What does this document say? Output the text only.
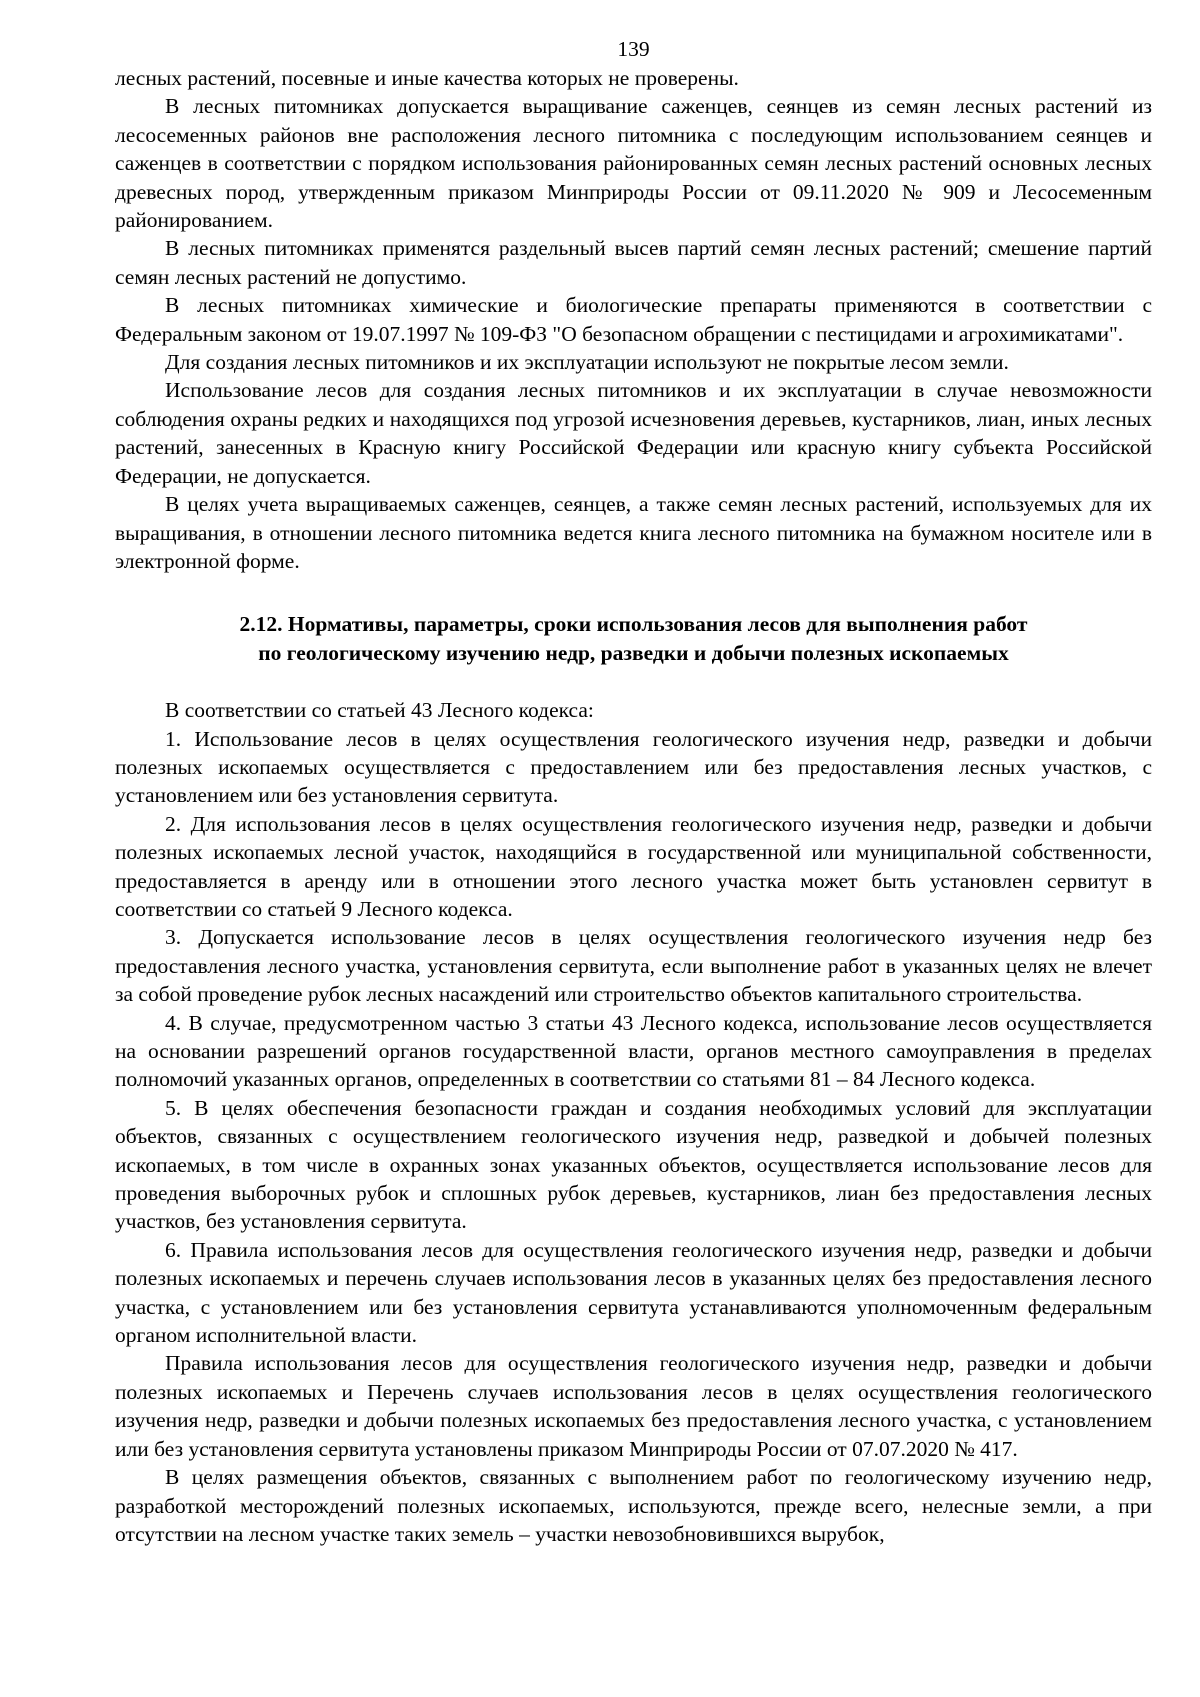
139

лесных растений, посевные и иные качества которых не проверены.

В лесных питомниках допускается выращивание саженцев, сеянцев из семян лесных растений из лесосеменных районов вне расположения лесного питомника с последующим использованием сеянцев и саженцев в соответствии с порядком использования районированных семян лесных растений основных лесных древесных пород, утвержденным приказом Минприроды России от 09.11.2020 № 909 и Лесосеменным районированием.

В лесных питомниках применятся раздельный высев партий семян лесных растений; смешение партий семян лесных растений не допустимо.

В лесных питомниках химические и биологические препараты применяются в соответствии с Федеральным законом от 19.07.1997 № 109-ФЗ "О безопасном обращении с пестицидами и агрохимикатами".

Для создания лесных питомников и их эксплуатации используют не покрытые лесом земли.

Использование лесов для создания лесных питомников и их эксплуатации в случае невозможности соблюдения охраны редких и находящихся под угрозой исчезновения деревьев, кустарников, лиан, иных лесных растений, занесенных в Красную книгу Российской Федерации или красную книгу субъекта Российской Федерации, не допускается.

В целях учета выращиваемых саженцев, сеянцев, а также семян лесных растений, используемых для их выращивания, в отношении лесного питомника ведется книга лесного питомника на бумажном носителе или в электронной форме.

2.12. Нормативы, параметры, сроки использования лесов для выполнения работ
по геологическому изучению недр, разведки и добычи полезных ископаемых

В соответствии со статьей 43 Лесного кодекса:

1. Использование лесов в целях осуществления геологического изучения недр, разведки и добычи полезных ископаемых осуществляется с предоставлением или без предоставления лесных участков, с установлением или без установления сервитута.

2. Для использования лесов в целях осуществления геологического изучения недр, разведки и добычи полезных ископаемых лесной участок, находящийся в государственной или муниципальной собственности, предоставляется в аренду или в отношении этого лесного участка может быть установлен сервитут в соответствии со статьей 9 Лесного кодекса.

3. Допускается использование лесов в целях осуществления геологического изучения недр без предоставления лесного участка, установления сервитута, если выполнение работ в указанных целях не влечет за собой проведение рубок лесных насаждений или строительство объектов капитального строительства.

4. В случае, предусмотренном частью 3 статьи 43 Лесного кодекса, использование лесов осуществляется на основании разрешений органов государственной власти, органов местного самоуправления в пределах полномочий указанных органов, определенных в соответствии со статьями 81 – 84 Лесного кодекса.

5. В целях обеспечения безопасности граждан и создания необходимых условий для эксплуатации объектов, связанных с осуществлением геологического изучения недр, разведкой и добычей полезных ископаемых, в том числе в охранных зонах указанных объектов, осуществляется использование лесов для проведения выборочных рубок и сплошных рубок деревьев, кустарников, лиан без предоставления лесных участков, без установления сервитута.

6. Правила использования лесов для осуществления геологического изучения недр, разведки и добычи полезных ископаемых и перечень случаев использования лесов в указанных целях без предоставления лесного участка, с установлением или без установления сервитута устанавливаются уполномоченным федеральным органом исполнительной власти.

Правила использования лесов для осуществления геологического изучения недр, разведки и добычи полезных ископаемых и Перечень случаев использования лесов в целях осуществления геологического изучения недр, разведки и добычи полезных ископаемых без предоставления лесного участка, с установлением или без установления сервитута установлены приказом Минприроды России от 07.07.2020 № 417.

В целях размещения объектов, связанных с выполнением работ по геологическому изучению недр, разработкой месторождений полезных ископаемых, используются, прежде всего, нелесные земли, а при отсутствии на лесном участке таких земель – участки невозобновившихся вырубок,
